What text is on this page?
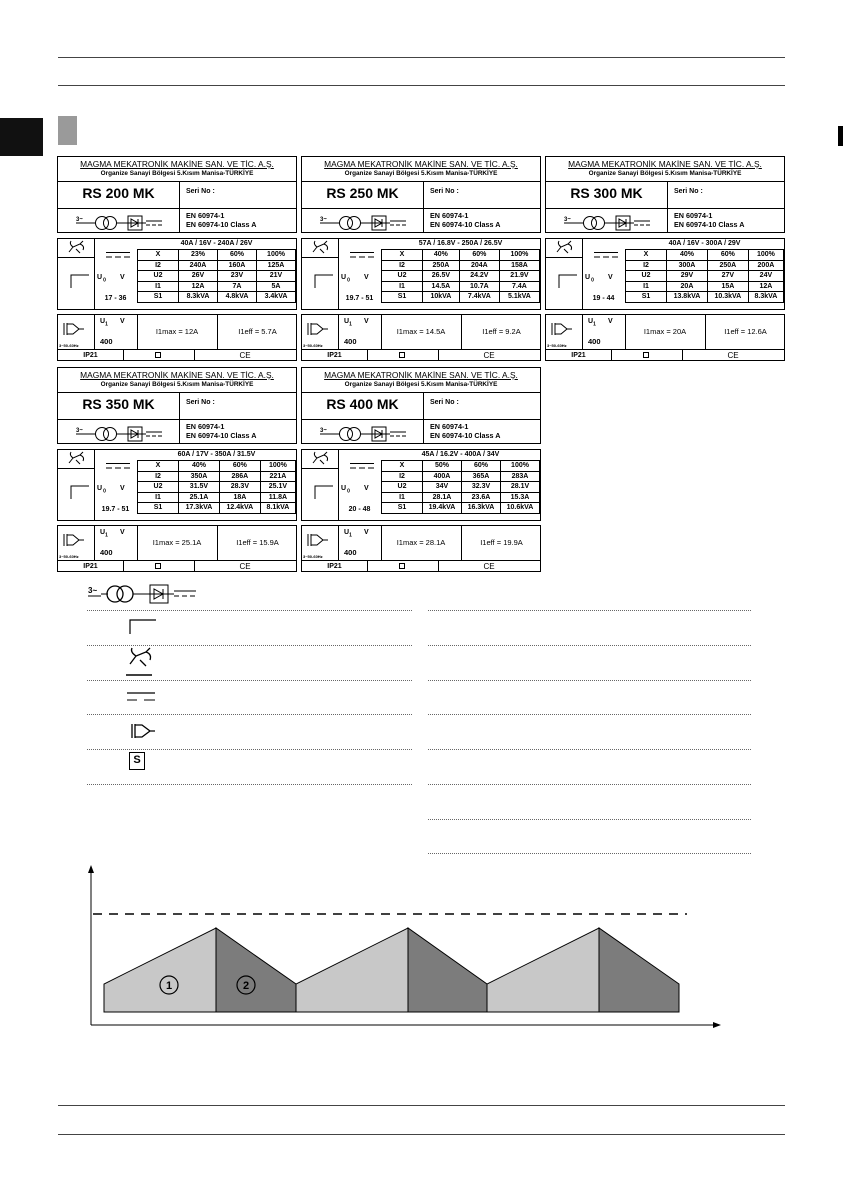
MAGMA MEKATRONİK MAKİNE SAN. VE TİC. A.Ş.
Organize Sanayi Bölgesi 5.Kısım Manisa-TÜRKİYE
RS 200 MK	Seri No :
3~	EN 60974-1
EN 60974-10 Class A
$U_0$ V
17 - 36
40A / 16V - 240A / 26V
X	23%	60%	100%
I2	240A	160A	125A
U2	26V	23V	21V
I1	12A	7A	5A
S1	8.3kVA	4.8kVA	3.4kVA
3~50-60Hz
$U_1$ V
400
I1max = 12A	I1eff = 5.7A
IP21	CE
MAGMA MEKATRONİK MAKİNE SAN. VE TİC. A.Ş.
Organize Sanayi Bölgesi 5.Kısım Manisa-TÜRKİYE
RS 250 MK	Seri No :
3~	EN 60974-1
EN 60974-10 Class A
$U_0$ V
19.7 - 51
57A / 16.8V - 250A / 26.5V
X	40%	60%	100%
I2	250A	204A	158A
U2	26.5V	24.2V	21.9V
I1	14.5A	10.7A	7.4A
S1	10kVA	7.4kVA	5.1kVA
3~50-60Hz
$U_1$ V
400
I1max = 14.5A	I1eff = 9.2A
IP21	CE
MAGMA MEKATRONİK MAKİNE SAN. VE TİC. A.Ş.
Organize Sanayi Bölgesi 5.Kısım Manisa-TÜRKİYE
RS 300 MK	Seri No :
3~	EN 60974-1
EN 60974-10 Class A
$U_0$ V
19 - 44
40A / 16V - 300A / 29V
X	40%	60%	100%
I2	300A	250A	200A
U2	29V	27V	24V
I1	20A	15A	12A
S1	13.8kVA	10.3kVA	8.3kVA
3~50-60Hz
$U_1$ V
400
I1max = 20A	I1eff = 12.6A
IP21	CE
MAGMA MEKATRONİK MAKİNE SAN. VE TİC. A.Ş.
Organize Sanayi Bölgesi 5.Kısım Manisa-TÜRKİYE
RS 350 MK	Seri No :
3~	EN 60974-1
EN 60974-10 Class A
$U_0$ V
19.7 - 51
60A / 17V - 350A / 31.5V
X	40%	60%	100%
I2	350A	286A	221A
U2	31.5V	28.3V	25.1V
I1	25.1A	18A	11.8A
S1	17.3kVA	12.4kVA	8.1kVA
3~50-60Hz
$U_1$ V
400
I1max = 25.1A	I1eff = 15.9A
IP21	CE
MAGMA MEKATRONİK MAKİNE SAN. VE TİC. A.Ş.
Organize Sanayi Bölgesi 5.Kısım Manisa-TÜRKİYE
RS 400 MK	Seri No :
3~	EN 60974-1
EN 60974-10 Class A
$U_0$ V
20 - 48
45A / 16.2V - 400A / 34V
X	50%	60%	100%
I2	400A	365A	283A
U2	34V	32.3V	28.1V
I1	28.1A	23.6A	15.3A
S1	19.4kVA	16.3kVA	10.6kVA
3~50-60Hz
$U_1$ V
400
I1max = 28.1A	I1eff = 19.9A
IP21	CE
3~
S
1	2
